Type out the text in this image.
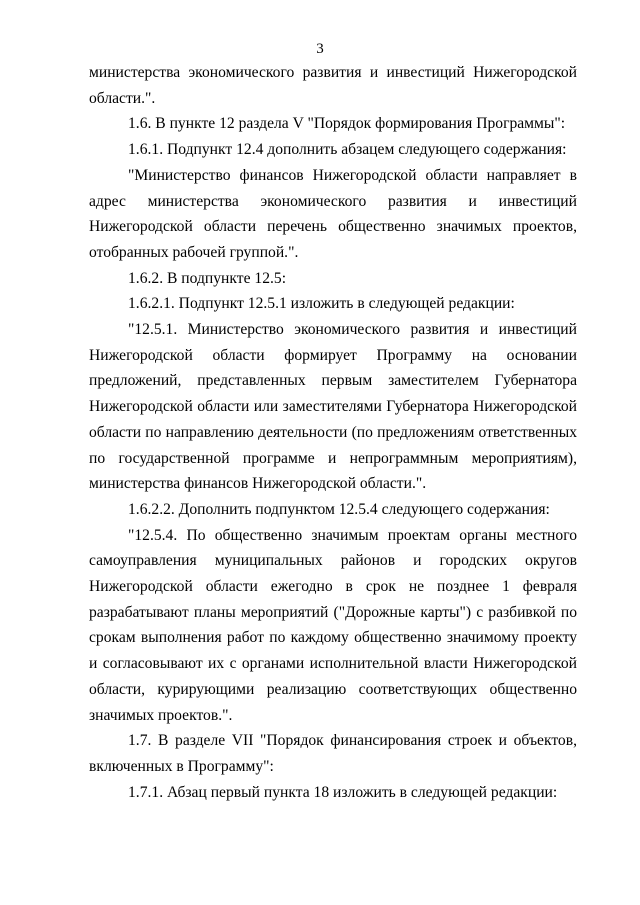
3

министерства экономического развития и инвестиций Нижегородской области.".

1.6. В пункте 12 раздела V "Порядок формирования Программы":

1.6.1. Подпункт 12.4 дополнить абзацем следующего содержания:

"Министерство финансов Нижегородской области направляет в адрес министерства экономического развития и инвестиций Нижегородской области перечень общественно значимых проектов, отобранных рабочей группой.".

1.6.2. В подпункте 12.5:

1.6.2.1. Подпункт 12.5.1 изложить в следующей редакции:

"12.5.1. Министерство экономического развития и инвестиций Нижегородской области формирует Программу на основании предложений, представленных первым заместителем Губернатора Нижегородской области или заместителями Губернатора Нижегородской области по направлению деятельности (по предложениям ответственных по государственной программе и непрограммным мероприятиям), министерства финансов Нижегородской области.".

1.6.2.2. Дополнить подпунктом 12.5.4 следующего содержания:

"12.5.4. По общественно значимым проектам органы местного самоуправления муниципальных районов и городских округов Нижегородской области ежегодно в срок не позднее 1 февраля разрабатывают планы мероприятий ("Дорожные карты") с разбивкой по срокам выполнения работ по каждому общественно значимому проекту и согласовывают их с органами исполнительной власти Нижегородской области, курирующими реализацию соответствующих общественно значимых проектов.".

1.7. В разделе VII "Порядок финансирования строек и объектов, включенных в Программу":

1.7.1. Абзац первый пункта 18 изложить в следующей редакции:
